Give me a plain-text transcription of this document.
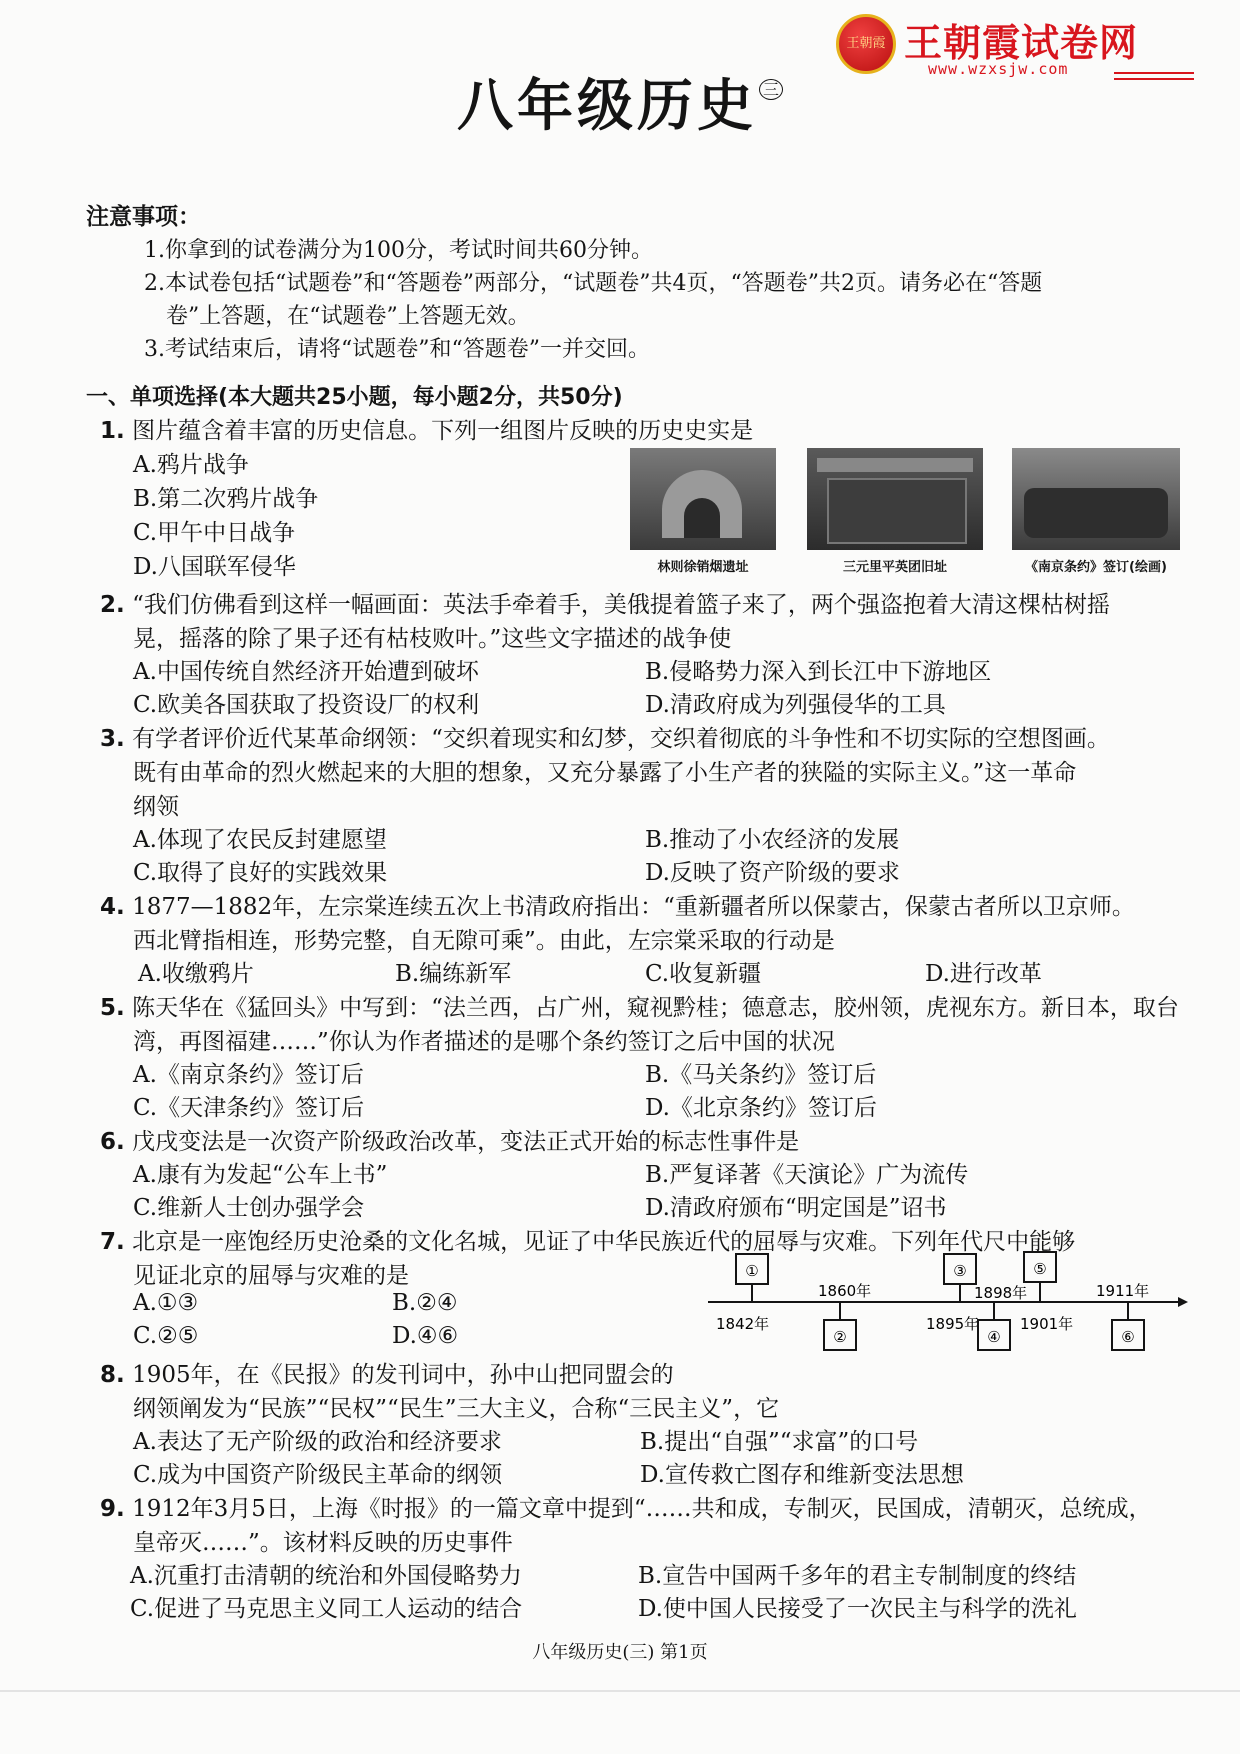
王朝霞 王朝霞试卷网
www.wzxsjw.com
八年级历史 $^三$
注意事项：
1.你拿到的试卷满分为100分，考试时间共60分钟。
2.本试卷包括“试题卷”和“答题卷”两部分，“试题卷”共4页，“答题卷”共2页。请务必在“答题
卷”上答题，在“试题卷”上答题无效。
3.考试结束后，请将“试题卷”和“答题卷”一并交回。
一、单项选择(本大题共25小题，每小题2分，共50分)
1. 图片蕴含着丰富的历史信息。下列一组图片反映的历史史实是
A.鸦片战争
B.第二次鸦片战争
C.甲午中日战争
D.八国联军侵华	林则徐销烟遗址	三元里平英团旧址	《南京条约》签订(绘画)
2. “我们仿佛看到这样一幅画面：英法手牵着手，美俄提着篮子来了，两个强盗抱着大清这棵枯树摇
晃，摇落的除了果子还有枯枝败叶。”这些文字描述的战争使
A.中国传统自然经济开始遭到破坏	B.侵略势力深入到长江中下游地区
C.欧美各国获取了投资设厂的权利	D.清政府成为列强侵华的工具
3. 有学者评价近代某革命纲领：“交织着现实和幻梦，交织着彻底的斗争性和不切实际的空想图画。
既有由革命的烈火燃起来的大胆的想象，又充分暴露了小生产者的狭隘的实际主义。”这一革命
纲领
A.体现了农民反封建愿望	B.推动了小农经济的发展
C.取得了良好的实践效果	D.反映了资产阶级的要求
4. 1877—1882年，左宗棠连续五次上书清政府指出：“重新疆者所以保蒙古，保蒙古者所以卫京师。
西北臂指相连，形势完整，自无隙可乘”。由此，左宗棠采取的行动是
A.收缴鸦片	B.编练新军	C.收复新疆	D.进行改革
5. 陈天华在《猛回头》中写到：“法兰西，占广州，窥视黔桂；德意志，胶州领，虎视东方。新日本，取台
湾，再图福建……”你认为作者描述的是哪个条约签订之后中国的状况
A.《南京条约》签订后	B.《马关条约》签订后
C.《天津条约》签订后	D.《北京条约》签订后
6. 戊戌变法是一次资产阶级政治改革，变法正式开始的标志性事件是
A.康有为发起“公车上书”	B.严复译著《天演论》广为流传
C.维新人士创办强学会	D.清政府颁布“明定国是”诏书
7. 北京是一座饱经历史沧桑的文化名城，见证了中华民族近代的屈辱与灾难。下列年代尺中能够
见证北京的屈辱与灾难的是
A.①③	B.②④
C.②⑤	D.④⑥
①
1842年
1860年
②
③
1895年
1898年
④
⑤
1901年
1911年
⑥
8. 1905年，在《民报》的发刊词中，孙中山把同盟会的
纲领阐发为“民族”“民权”“民生”三大主义，合称“三民主义”，它
A.表达了无产阶级的政治和经济要求	B.提出“自强”“求富”的口号
C.成为中国资产阶级民主革命的纲领	D.宣传救亡图存和维新变法思想
9. 1912年3月5日，上海《时报》的一篇文章中提到“……共和成，专制灭，民国成，清朝灭，总统成，
皇帝灭……”。该材料反映的历史事件
A.沉重打击清朝的统治和外国侵略势力	B.宣告中国两千多年的君主专制制度的终结
C.促进了马克思主义同工人运动的结合	D.使中国人民接受了一次民主与科学的洗礼
八年级历史(三) 第1页
